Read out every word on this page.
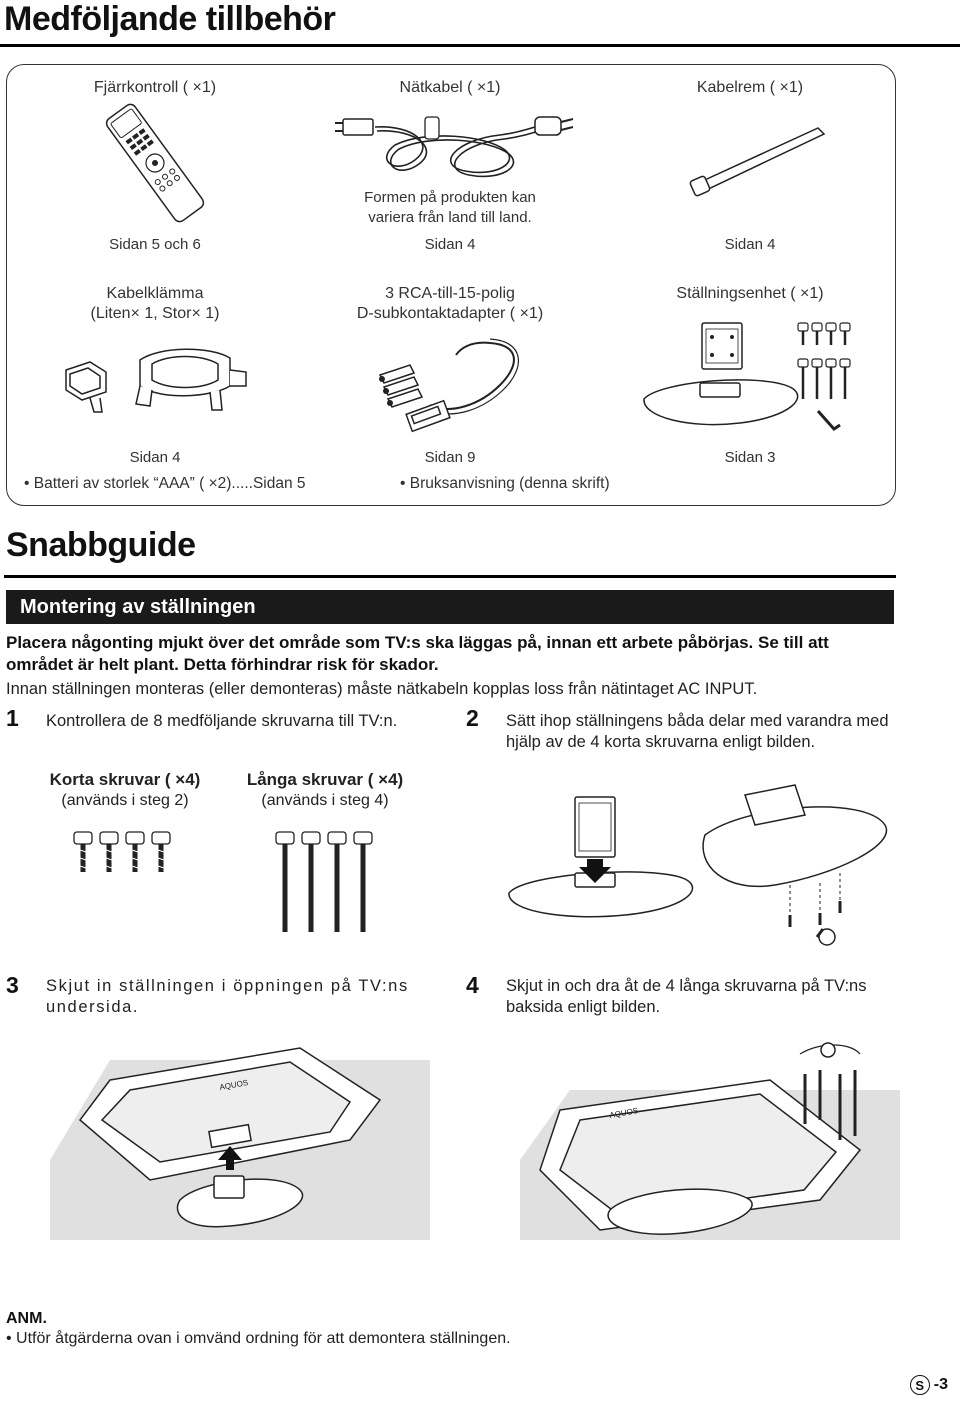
Medföljande tillbehör
Fjärrkontroll ( ×1)	Nätkabel ( ×1)	Kabelrem ( ×1)
Formen på produkten kan
variera från land till land.
Sidan 5 och 6	Sidan 4	Sidan 4
Kabelklämma
(Liten× 1, Stor× 1)
3 RCA-till-15-polig
D-subkontaktadapter ( ×1)
Ställningsenhet ( ×1)
Sidan 4	Sidan 9	Sidan 3
• Batteri av storlek “AAA” ( ×2).....Sidan 5	• Bruksanvisning (denna skrift)
Snabbguide
Montering av ställningen
Placera någonting mjukt över det område som TV:s ska läggas på, innan ett arbete påbörjas. Se till att området är helt plant. Detta förhindrar risk för skador.
Innan ställningen monteras (eller demonteras) måste nätkabeln kopplas loss från nätintaget AC INPUT.
1 Kontrollera de 8 medföljande skruvarna till TV:n.	2 Sätt ihop ställningens båda delar med varandra med hjälp av de 4 korta skruvarna enligt bilden.
Korta skruvar ( ×4)
(används i steg 2)
Långa skruvar ( ×4)
(används i steg 4)
3 Skjut in ställningen i öppningen på TV:ns undersida.
4 Skjut in och dra åt de 4 långa skruvarna på TV:ns baksida enligt bilden.
AQUOS
AQUOS
ANM.
• Utför åtgärderna ovan i omvänd ordning för att demontera ställningen.
S -3
